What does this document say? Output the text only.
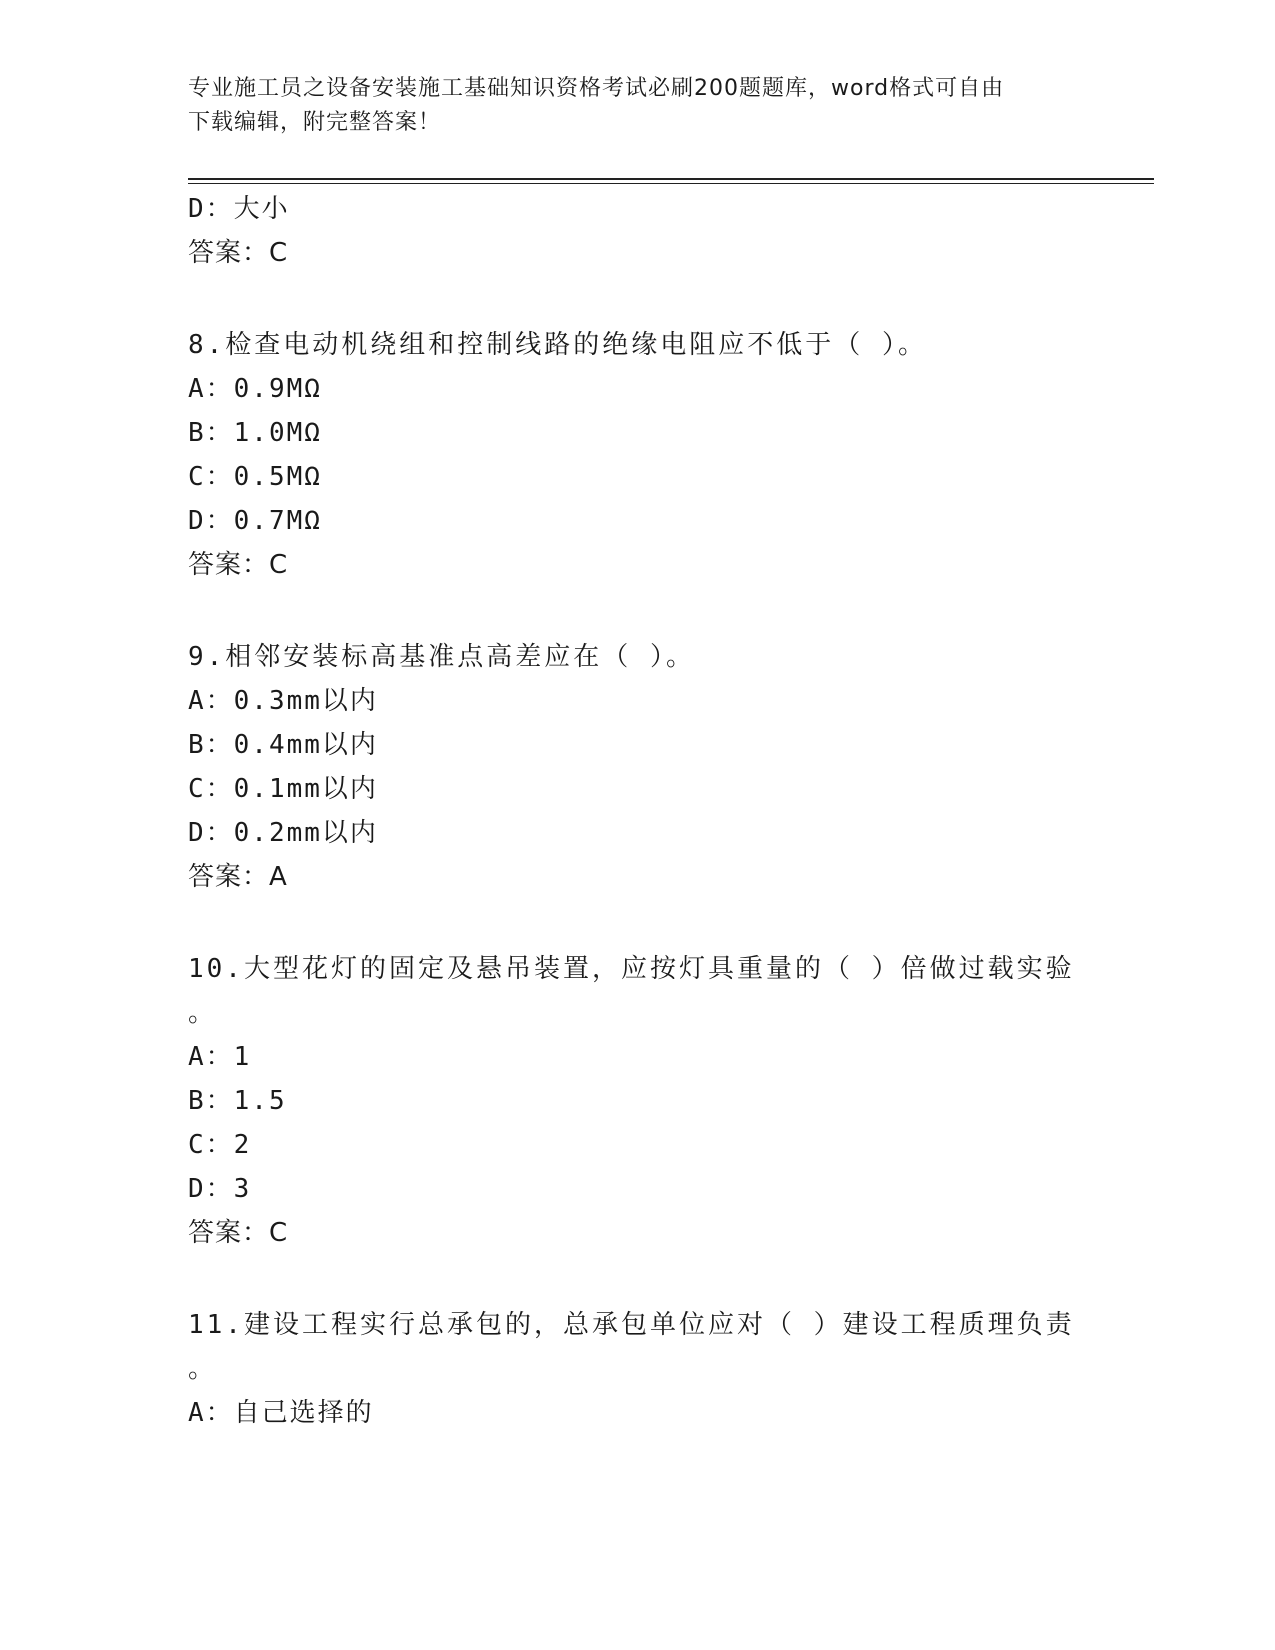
专业施工员之设备安装施工基础知识资格考试必刷200题题库，word格式可自由
下载编辑，附完整答案！
D：大小
答案：C
8.检查电动机绕组和控制线路的绝缘电阻应不低于（ ）。
A：0.9MΩ
B：1.0MΩ
C：0.5MΩ
D：0.7MΩ
答案：C
9.相邻安装标高基准点高差应在（ ）。
A：0.3mm以内
B：0.4mm以内
C：0.1mm以内
D：0.2mm以内
答案：A
10.大型花灯的固定及悬吊装置，应按灯具重量的（ ）倍做过载实验
。
A：1
B：1.5
C：2
D：3
答案：C
11.建设工程实行总承包的，总承包单位应对（ ）建设工程质理负责
。
A：自己选择的
